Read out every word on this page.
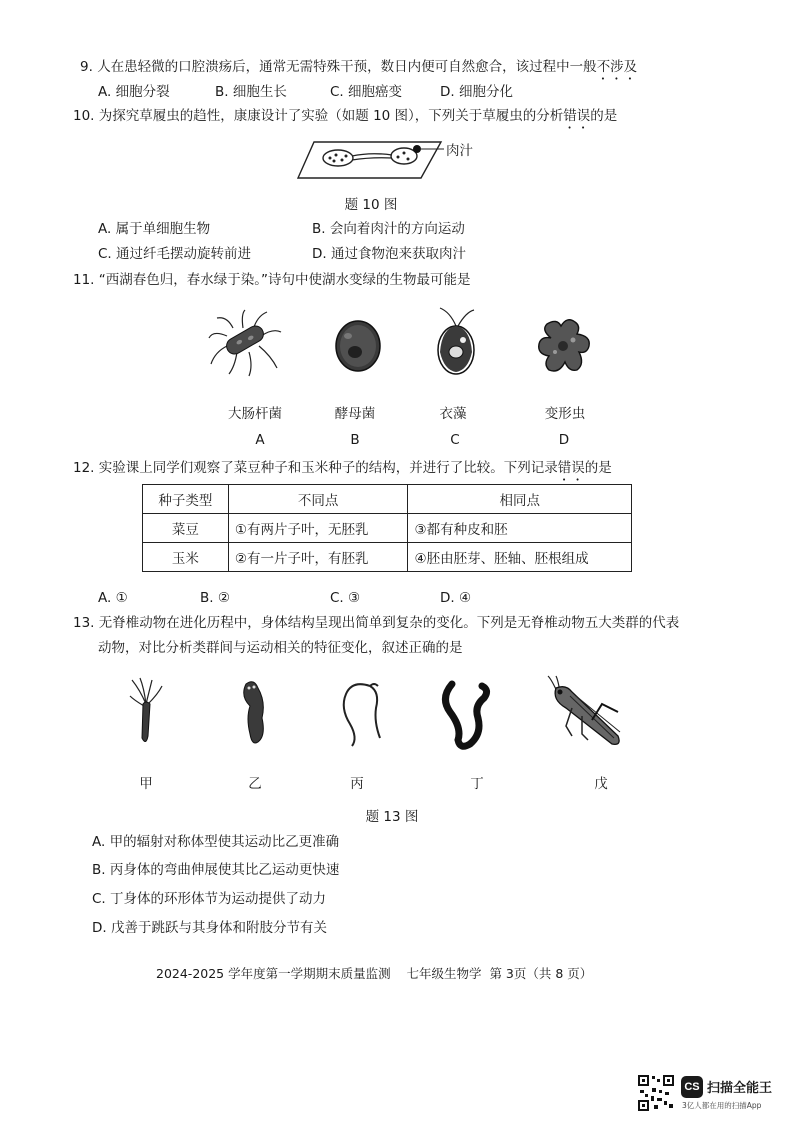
9. 人在患轻微的口腔溃疡后，通常无需特殊干预，数日内便可自然愈合，该过程中一般不涉及
A. 细胞分裂	B. 细胞生长	C. 细胞癌变	D. 细胞分化
10. 为探究草履虫的趋性，康康设计了实验（如题 10 图），下列关于草履虫的分析错误的是
肉汁
题 10 图
A. 属于单细胞生物	B. 会向着肉汁的方向运动
C. 通过纤毛摆动旋转前进	D. 通过食物泡来获取肉汁
11. “西湖春色归，春水绿于染。”诗句中使湖水变绿的生物最可能是
大肠杆菌	酵母菌	衣藻	变形虫
A	B	C	D
12. 实验课上同学们观察了菜豆种子和玉米种子的结构，并进行了比较。下列记录错误的是
种子类型	不同点	相同点
菜豆	①有两片子叶，无胚乳	③都有种皮和胚
玉米	②有一片子叶，有胚乳	④胚由胚芽、胚轴、胚根组成
A. ①	B. ②	C. ③	D. ④
13. 无脊椎动物在进化历程中，身体结构呈现出简单到复杂的变化。下列是无脊椎动物五大类群的代表
动物，对比分析类群间与运动相关的特征变化，叙述正确的是
甲	乙	丙	丁	戊
题 13 图
A. 甲的辐射对称体型使其运动比乙更准确
B. 丙身体的弯曲伸展使其比乙运动更快速
C. 丁身体的环形体节为运动提供了动力
D. 戊善于跳跃与其身体和附肢分节有关
2024-2025 学年度第一学期期末质量监测    七年级生物学  第 3页（共 8 页）
CS 扫描全能王
3亿人都在用的扫描App
